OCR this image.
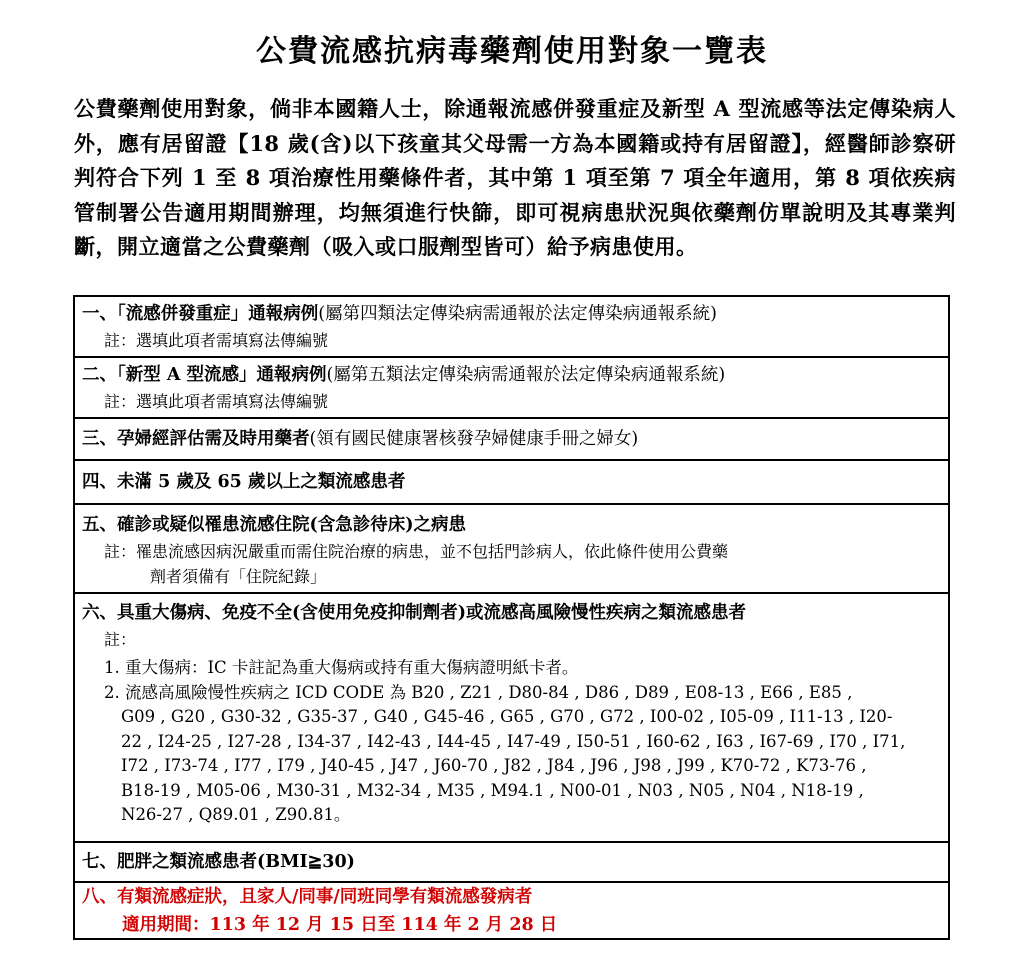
公費流感抗病毒藥劑使用對象一覽表
公費藥劑使用對象，倘非本國籍人士，除通報流感併發重症及新型 A 型流感等法定傳染病人外，應有居留證【18 歲(含)以下孩童其父母需一方為本國籍或持有居留證】，經醫師診察研判符合下列 1 至 8 項治療性用藥條件者，其中第 1 項至第 7 項全年適用，第 8 項依疾病管制署公告適用期間辦理，均無須進行快篩，即可視病患狀況與依藥劑仿單說明及其專業判斷，開立適當之公費藥劑（吸入或口服劑型皆可）給予病患使用。
一、「流感併發重症」通報病例(屬第四類法定傳染病需通報於法定傳染病通報系統)
註：選填此項者需填寫法傳編號
二、「新型 A 型流感」通報病例(屬第五類法定傳染病需通報於法定傳染病通報系統)
註：選填此項者需填寫法傳編號
三、孕婦經評估需及時用藥者(領有國民健康署核發孕婦健康手冊之婦女)
四、未滿 5 歲及 65 歲以上之類流感患者
五、確診或疑似罹患流感住院(含急診待床)之病患
註：罹患流感因病況嚴重而需住院治療的病患，並不包括門診病人，依此條件使用公費藥
劑者須備有「住院紀錄」
六、具重大傷病、免疫不全(含使用免疫抑制劑者)或流感高風險慢性疾病之類流感患者
註：
1. 重大傷病：IC 卡註記為重大傷病或持有重大傷病證明紙卡者。
2. 流感高風險慢性疾病之 ICD CODE 為 B20 , Z21 , D80-84 , D86 , D89 , E08-13 , E66 , E85 ,
G09 , G20 , G30-32 , G35-37 , G40 , G45-46 , G65 , G70 , G72 , I00-02 , I05-09 , I11-13 , I20-
22 , I24-25 , I27-28 , I34-37 , I42-43 , I44-45 , I47-49 , I50-51 , I60-62 , I63 , I67-69 , I70 , I71,
I72 , I73-74 , I77 , I79 , J40-45 , J47 , J60-70 , J82 , J84 , J96 , J98 , J99 , K70-72 , K73-76 ,
B18-19 , M05-06 , M30-31 , M32-34 , M35 , M94.1 , N00-01 , N03 , N05 , N04 , N18-19 ,
N26-27 , Q89.01 , Z90.81。
七、肥胖之類流感患者(BMI≧30)
八、有類流感症狀，且家人/同事/同班同學有類流感發病者
適用期間：113 年 12 月 15 日至 114 年 2 月 28 日
